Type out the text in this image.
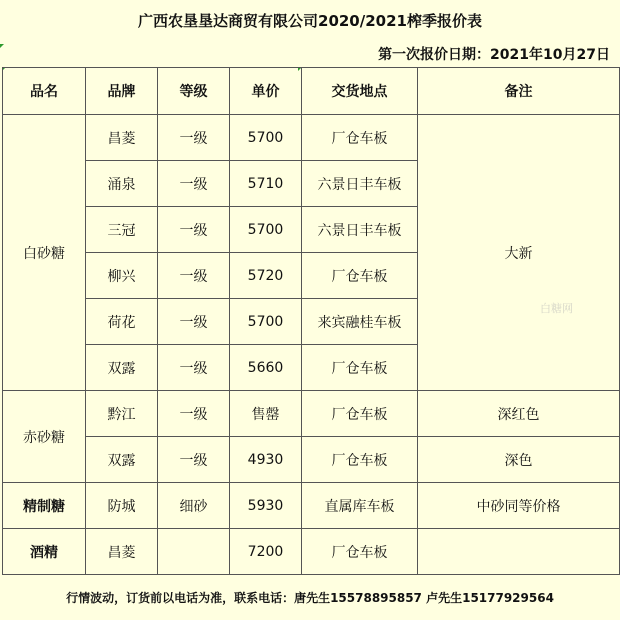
广西农垦垦达商贸有限公司2020/2021榨季报价表
第一次报价日期：2021年10月27日
品名	品牌	等级	单价	交货地点	备注
白砂糖	昌菱	一级	5700	厂仓车板	大新
	涌泉	一级	5710	六景日丰车板	
	三冠	一级	5700	六景日丰车板	
	柳兴	一级	5720	厂仓车板	
	荷花	一级	5700	来宾融桂车板	
	双露	一级	5660	厂仓车板	
赤砂糖	黔江	一级	售罄	厂仓车板	深红色
	双露	一级	4930	厂仓车板	深色
精制糖	防城	细砂	5930	直属库车板	中砂同等价格
酒精	昌菱		7200	厂仓车板	
白糖网
行情波动，订货前以电话为准，联系电话：唐先生15578895857 卢先生15177929564
